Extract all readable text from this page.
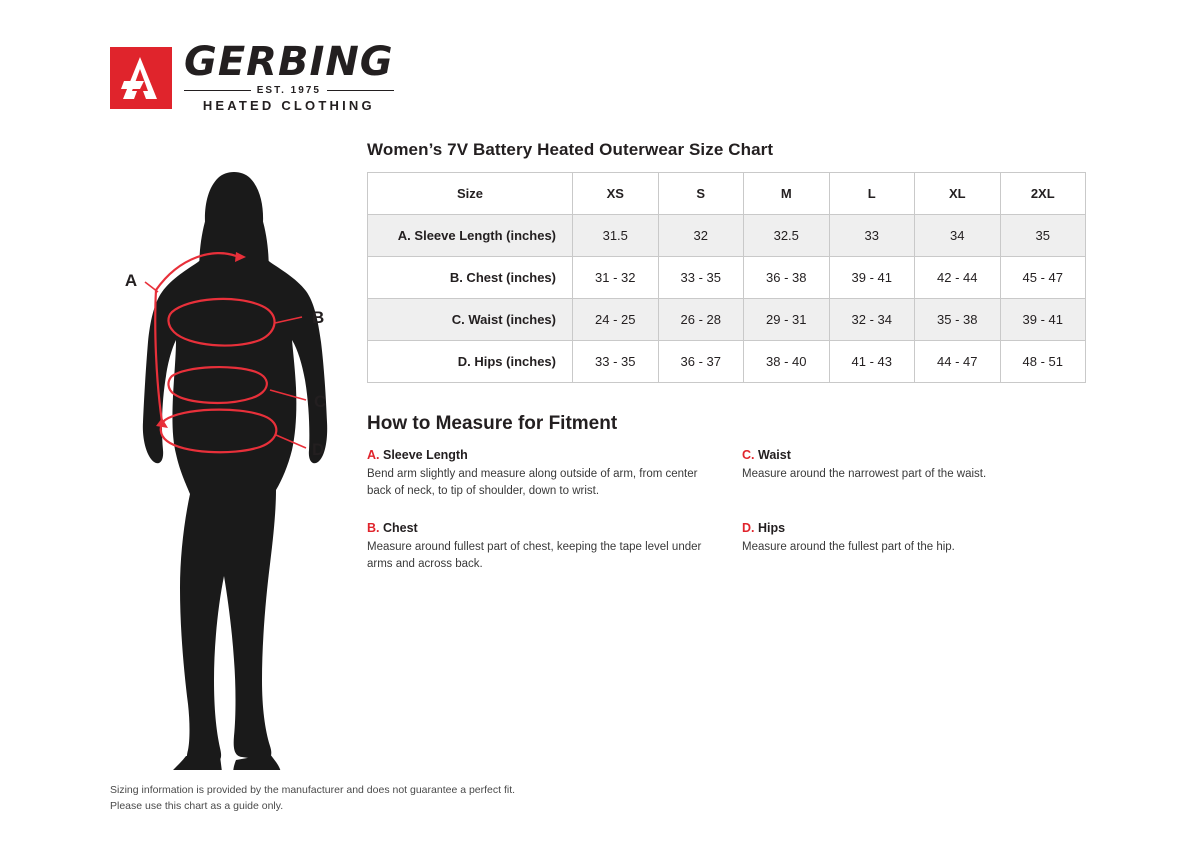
GERBING
EST. 1975
HEATED CLOTHING
A
B
C
D
Women’s 7V Battery Heated Outerwear Size Chart
Size	XS	S	M	L	XL	2XL
A. Sleeve Length (inches)	31.5	32	32.5	33	34	35
B. Chest (inches)	31 - 32	33 - 35	36 - 38	39 - 41	42 - 44	45 - 47
C. Waist (inches)	24 - 25	26 - 28	29 - 31	32 - 34	35 - 38	39 - 41
D. Hips (inches)	33 - 35	36 - 37	38 - 40	41 - 43	44 - 47	48 - 51
How to Measure for Fitment
A. Sleeve Length
Bend arm slightly and measure along outside of arm, from center back of neck, to tip of shoulder, down to wrist.
C. Waist
Measure around the narrowest part of the waist.
B. Chest
Measure around fullest part of chest, keeping the tape level under arms and across back.
D. Hips
Measure around the fullest part of the hip.
Sizing information is provided by the manufacturer and does not guarantee a perfect fit.
Please use this chart as a guide only.
